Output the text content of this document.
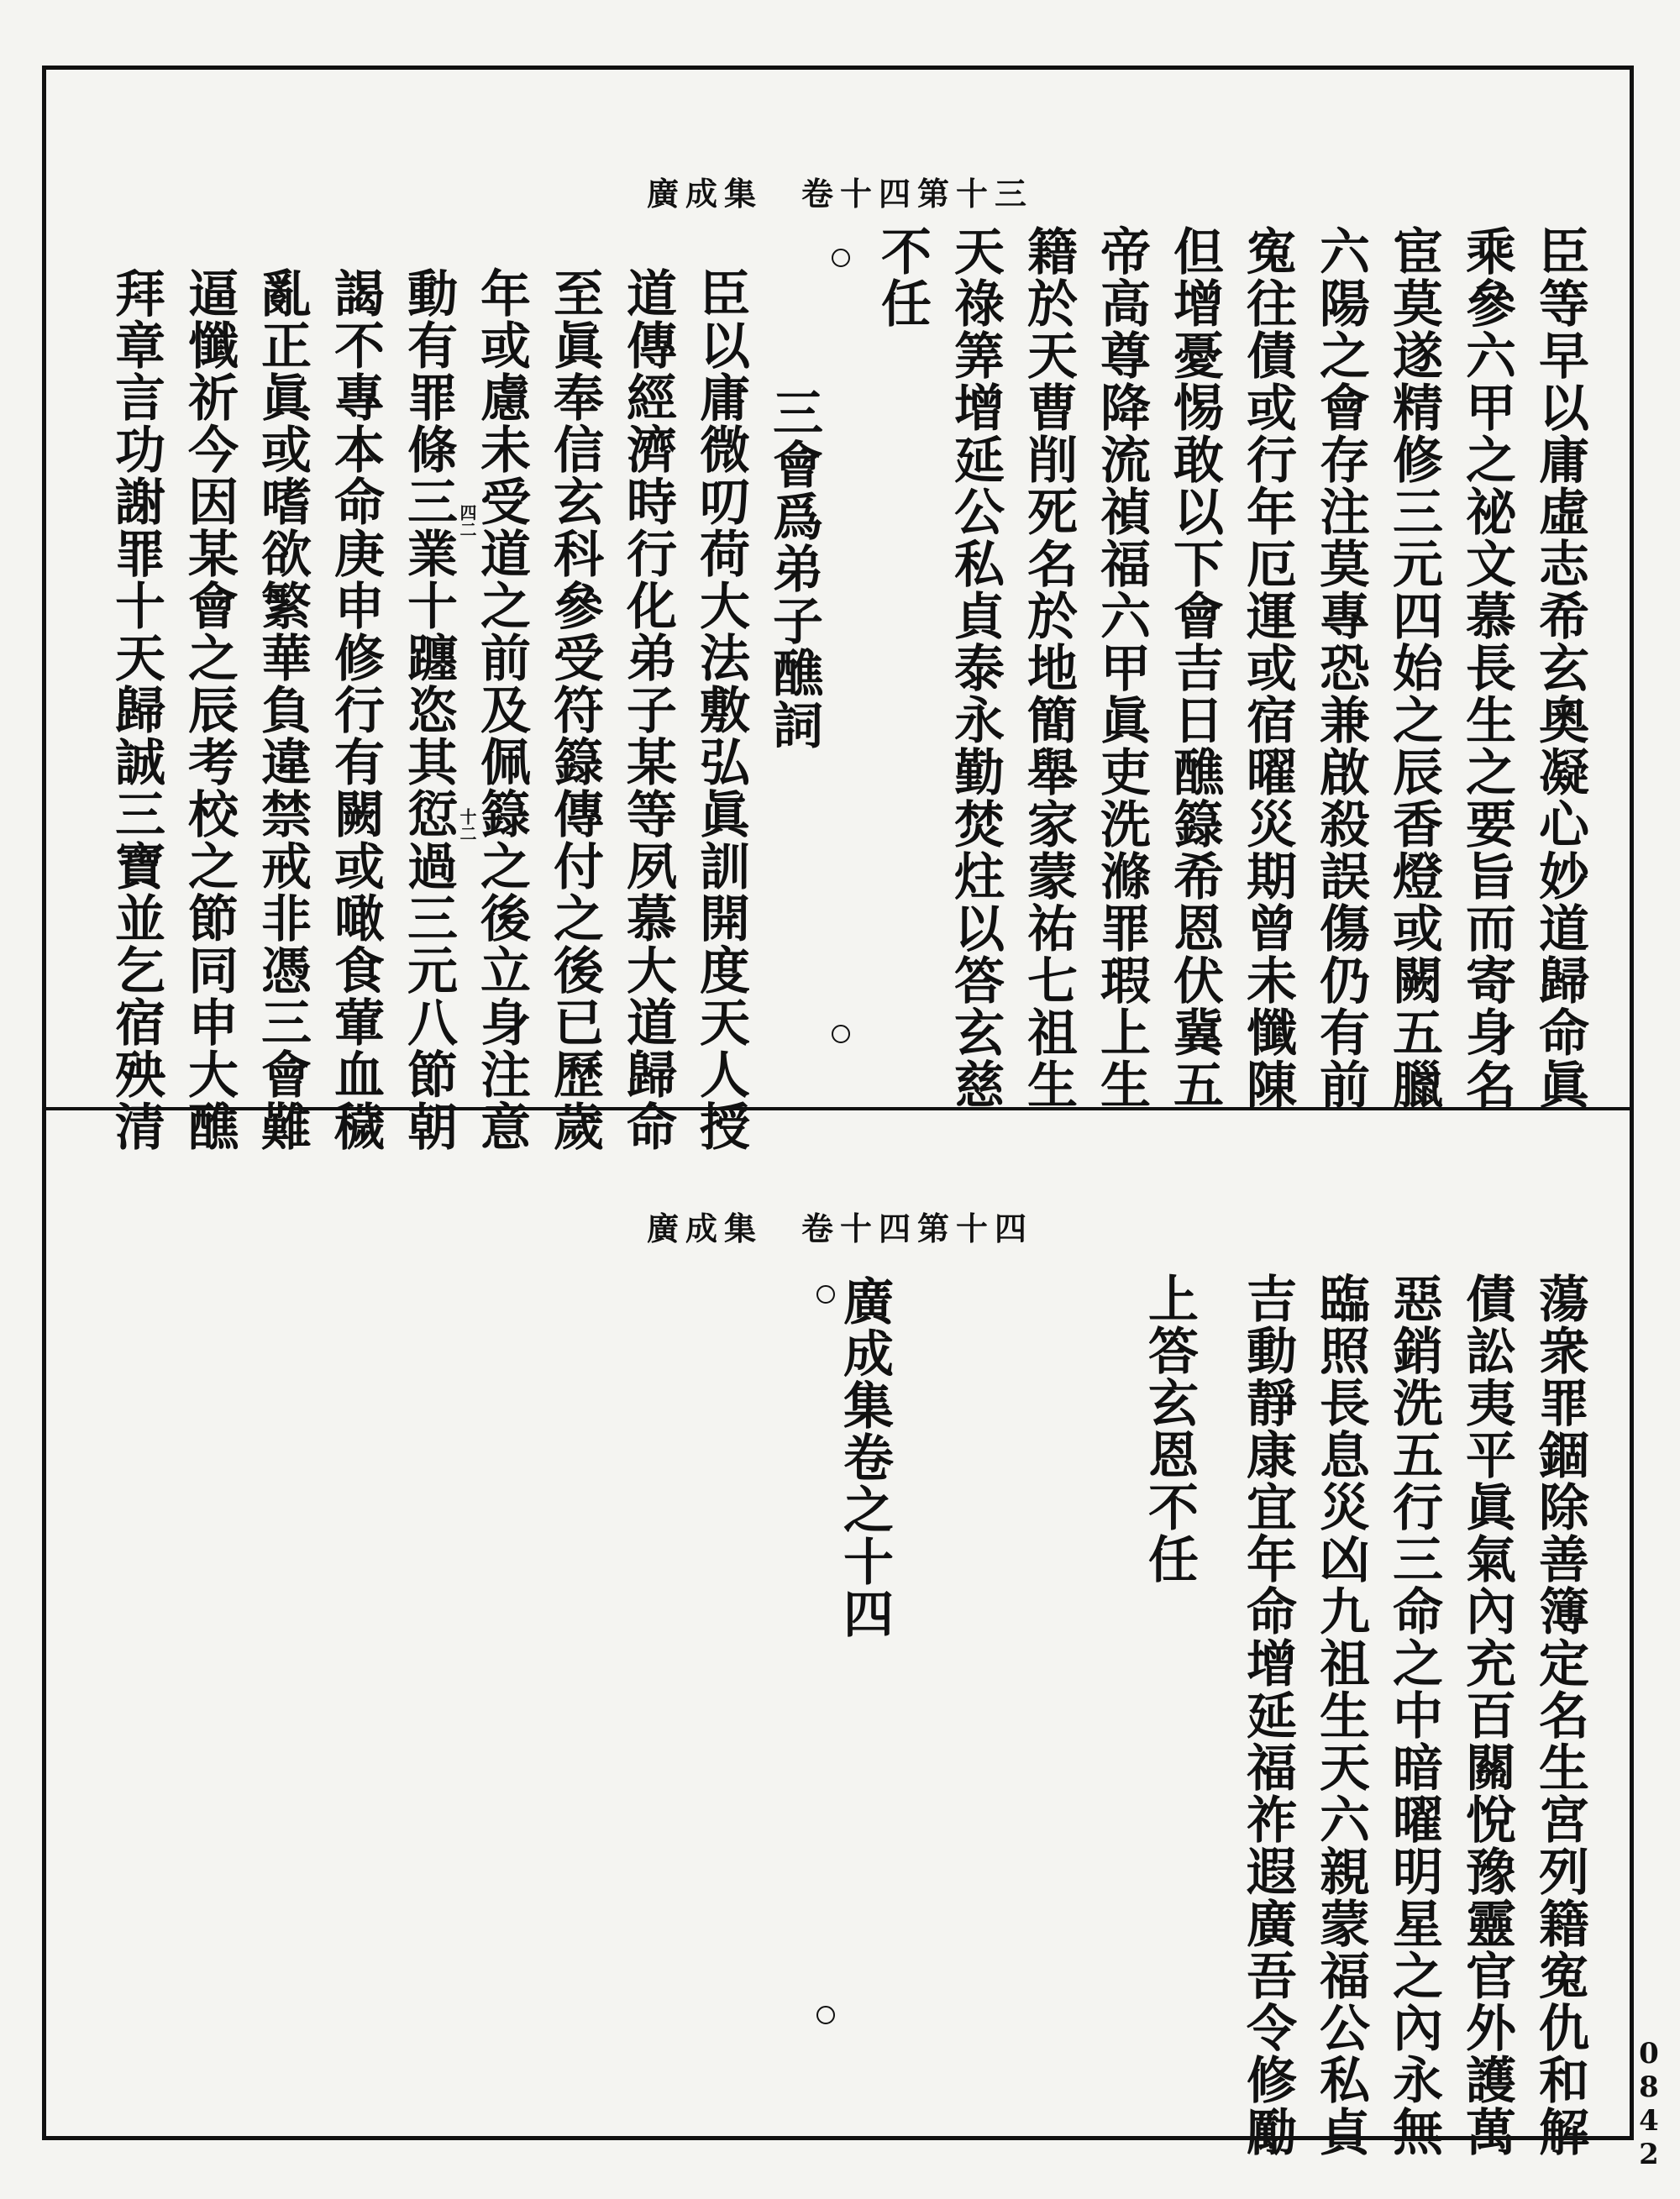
廣成集　卷十四第十三
臣等早以庸虛志希玄奧凝心妙道歸命眞
乘參六甲之祕文慕長生之要旨而寄身名
宦莫遂精修三元四始之辰香燈或闕五臘
六陽之會存注莫專恐兼啟殺誤傷仍有前
寃往債或行年厄運或宿曜災期曾未懺陳
但增憂惕敢以下會吉日醮籙希恩伏冀五
帝高尊降流禎福六甲眞吏洗滌罪瑕上生
籍於天曹削死名於地簡舉家蒙祐七祖生
天祿筭增延公私貞泰永勤焚炷以答玄慈
不任
三會爲弟子醮詞
臣以庸微叨荷大法敷弘眞訓開度天人授
道傳經濟時行化弟子某等夙慕大道歸命
至眞奉信玄科參受符籙傳付之後已歷歲
年或慮未受道之前及佩籙之後立身注意
動有罪條三業十躔恣其愆過三元八節朝
謁不專本命庚申修行有闕或噉食葷血穢
亂正眞或嗜欲繁華負違禁戒非憑三會難
逼懺祈今因某會之辰考校之節同申大醮
拜章言功謝罪十天歸誠三寶並乞宿殃清	四二
十二
廣成集　卷十四第十四
蕩衆罪錮除善簿定名生宮列籍寃仇和解
債訟夷平眞氣內充百關悅豫靈官外護萬
惡銷洗五行三命之中暗曜明星之內永無
臨照長息災凶九祖生天六親蒙福公私貞
吉動靜康宜年命增延福祚遐廣吾令修勵
上答玄恩不任
廣成集卷之十四
0842
